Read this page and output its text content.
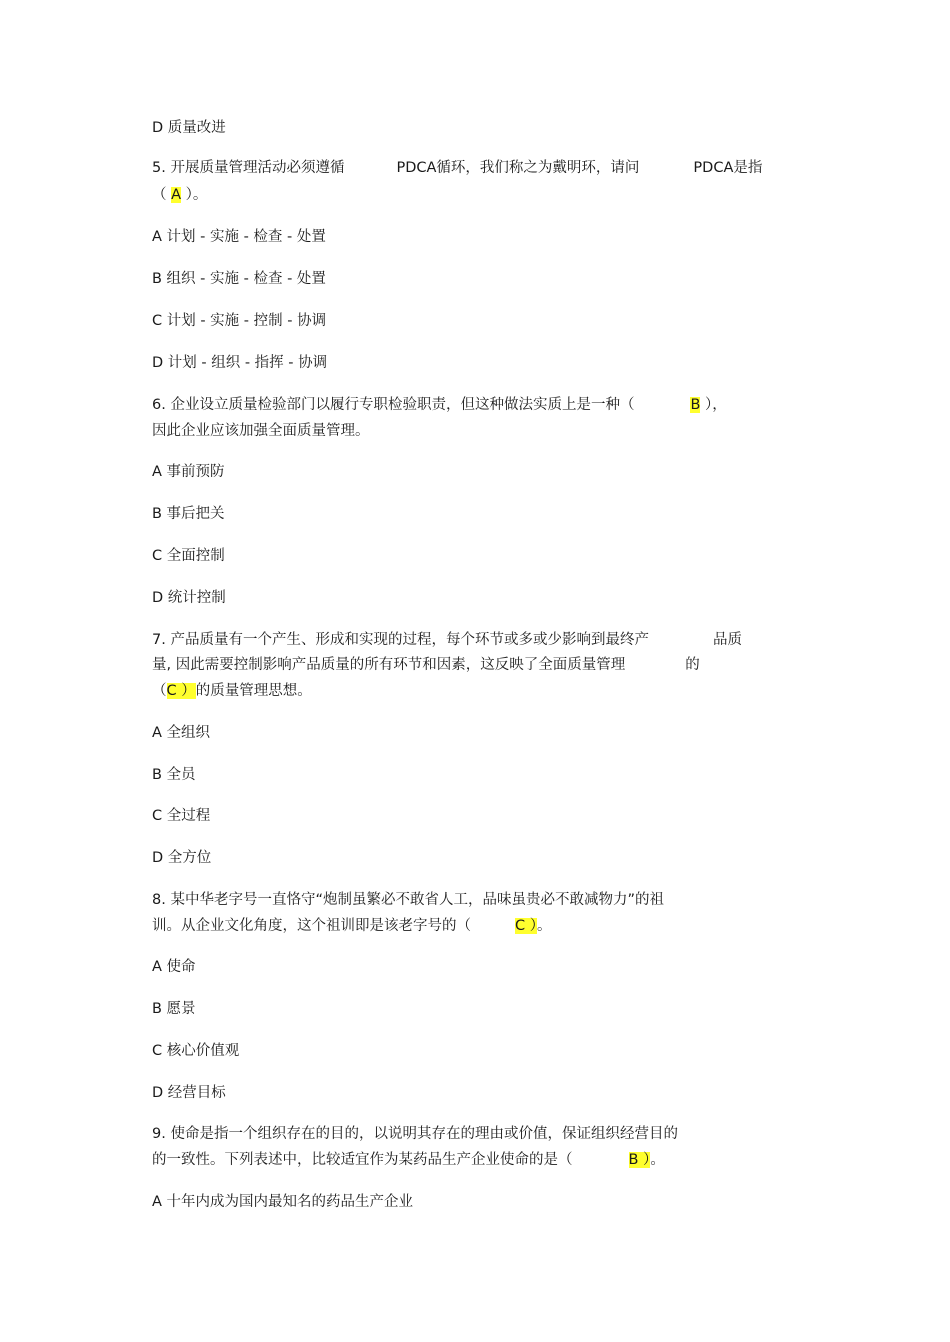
D 质量改进
5. 开展质量管理活动必须遵循	PDCA循环，我们称之为戴明环，请问	PDCA是指
（ A ）。
A 计划 - 实施 - 检查 - 处置
B 组织 - 实施 - 检查 - 处置
C 计划 - 实施 - 控制 - 协调
D 计划 - 组织 - 指挥 - 协调
6. 企业设立质量检验部门以履行专职检验职责，但这种做法实质上是一种（	B ），
因此企业应该加强全面质量管理。
A 事前预防
B 事后把关
C 全面控制
D 统计控制
7. 产品质量有一个产生、形成和实现的过程，每个环节或多或少影响到最终产	品质
量, 因此需要控制影响产品质量的所有环节和因素，这反映了全面质量管理	的
（C ）的质量管理思想。
A 全组织
B 全员
C 全过程
D 全方位
8. 某中华老字号一直恪守“炮制虽繁必不敢省人工，品味虽贵必不敢减物力”的祖
训。从企业文化角度，这个祖训即是该老字号的（	C ）。
A 使命
B 愿景
C 核心价值观
D 经营目标
9. 使命是指一个组织存在的目的，以说明其存在的理由或价值，保证组织经营目的
的一致性。下列表述中，比较适宜作为某药品生产企业使命的是（	B ）。
A 十年内成为国内最知名的药品生产企业
